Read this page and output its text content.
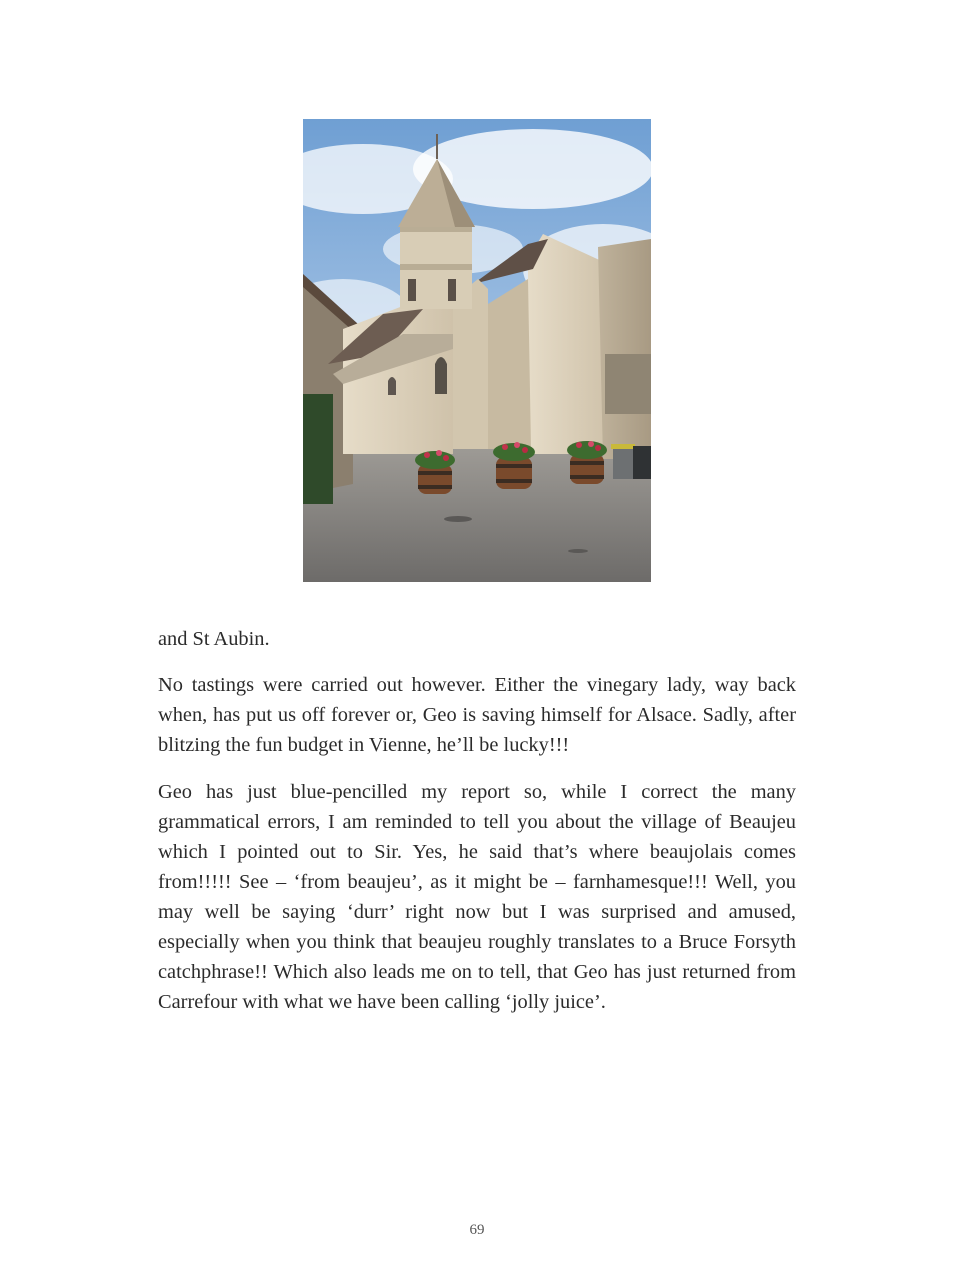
and St Aubin.

No tastings were carried out however. Either the vinegary lady, way back when, has put us off forever or, Geo is saving himself for Alsace. Sadly, after blitzing the fun budget in Vienne, he’ll be lucky!!!

Geo has just blue-pencilled my report so, while I correct the many grammatical errors, I am reminded to tell you about the village of Beaujeu which I pointed out to Sir. Yes, he said that’s where beaujolais comes from!!!!! See – ‘from beaujeu’, as it might be – farnhamesque!!! Well, you may well be saying ‘durr’ right now but I was surprised and amused, especially when you think that beaujeu roughly translates to a Bruce Forsyth catchphrase!! Which also leads me on to tell, that Geo has just returned from Carrefour with what we have been calling ‘jolly juice’.

69
